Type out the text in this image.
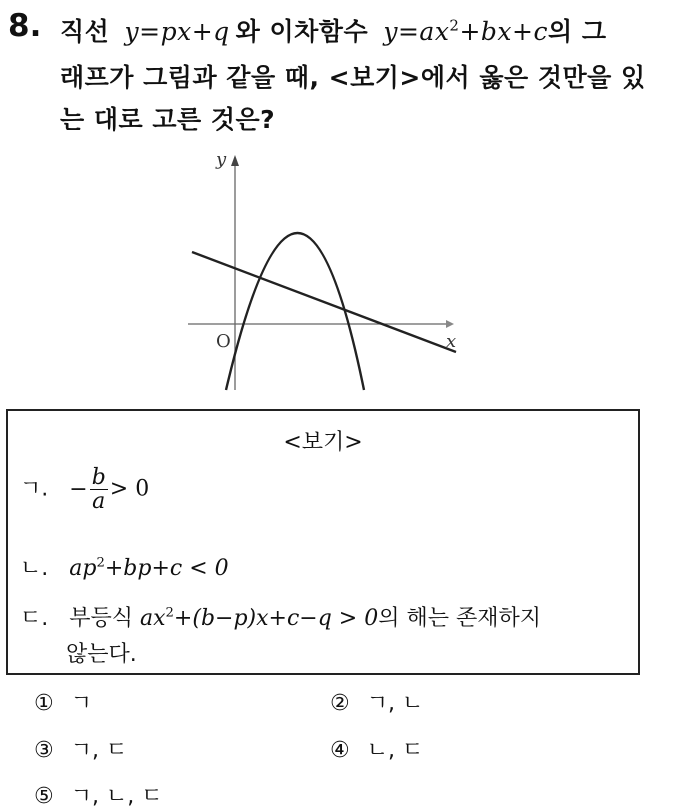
8. 직선 y=px+q 와 이차함수 $y=ax^2+bx+c$의 그
래프가 그림과 같을 때, <보기>에서 옳은 것만을 있
는 대로 고른 것은?
y
x
O
<보기>
ㄱ. − $\frac{b}{a} > 0$
ㄴ. $ap^2+bp+c < 0$
ㄷ. 부등식 $ax^2+(b-p)x+c-q > 0$의 해는 존재하지
않는다.
① ㄱ	② ㄱ, ㄴ
③ ㄱ, ㄷ	④ ㄴ, ㄷ
⑤ ㄱ, ㄴ, ㄷ
